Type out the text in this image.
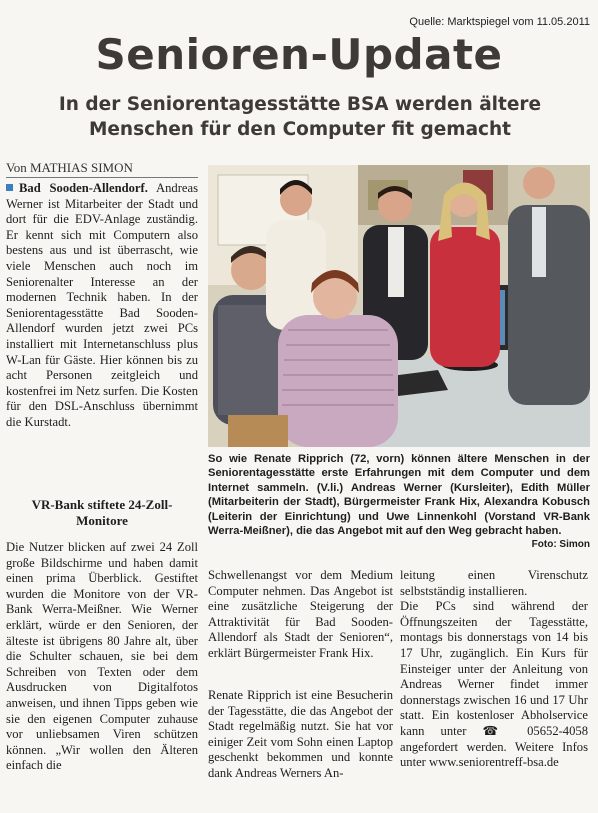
Quelle: Marktspiegel vom 11.05.2011
Senioren-Update
In der Seniorentagesstätte BSA werden ältere Menschen für den Computer fit gemacht
Von MATHIAS SIMON

Bad Sooden-Allendorf. Andreas Werner ist Mitarbeiter der Stadt und dort für die EDV-Anlage zuständig. Er kennt sich mit Computern also bestens aus und ist überrascht, wie viele Menschen auch noch im Seniorenalter Interesse an der modernen Technik haben. In der Seniorentagesstätte Bad Sooden-Allendorf wurden jetzt zwei PCs installiert mit Internetanschluss plus W-Lan für Gäste. Hier können bis zu acht Personen zeitgleich und kostenfrei im Netz surfen. Die Kosten für den DSL-Anschluss übernimmt die Kurstadt.

VR-Bank stiftete 24-Zoll-Monitore

Die Nutzer blicken auf zwei 24 Zoll große Bildschirme und haben damit einen prima Überblick. Gestiftet wurden die Monitore von der VR-Bank Werra-Meißner. Wie Werner erklärt, würde er den Senioren, der älteste ist übrigens 80 Jahre alt, über die Schulter schauen, sie bei dem Schreiben von Texten oder dem Ausdrucken von Digitalfotos anweisen, und ihnen Tipps geben wie sie den eigenen Computer zuhause vor unliebsamen Viren schützen können. „Wir wollen den Älteren einfach die

So wie Renate Ripprich (72, vorn) können ältere Menschen in der Seniorentagesstätte erste Erfahrungen mit dem Computer und dem Internet sammeln. (V.li.) Andreas Werner (Kursleiter), Edith Müller (Mitarbeiterin der Stadt), Bürgermeister Frank Hix, Alexandra Kobusch (Leiterin der Einrichtung) und Uwe Linnenkohl (Vorstand VR-Bank Werra-Meißner), die das Angebot mit auf den Weg gebracht haben.
Foto: Simon

Schwellenangst vor dem Medium Computer nehmen. Das Angebot ist eine zusätzliche Steigerung der Attraktivität für Bad Sooden-Allendorf als Stadt der Senioren“, erklärt Bürgermeister Frank Hix.

Renate Ripprich ist eine Besucherin der Tagesstätte, die das Angebot der Stadt regelmäßig nutzt. Sie hat vor einiger Zeit vom Sohn einen Laptop geschenkt bekommen und konnte dank Andreas Werners An-

leitung einen Virenschutz selbstständig installieren.

Die PCs sind während der Öffnungszeiten der Tagesstätte, montags bis donnerstags von 14 bis 17 Uhr, zugänglich. Ein Kurs für Einsteiger unter der Anleitung von Andreas Werner findet immer donnerstags zwischen 16 und 17 Uhr statt. Ein kostenloser Abholservice kann unter ☎ 05652-4058 angefordert werden. Weitere Infos unter www.seniorentreff-bsa.de
